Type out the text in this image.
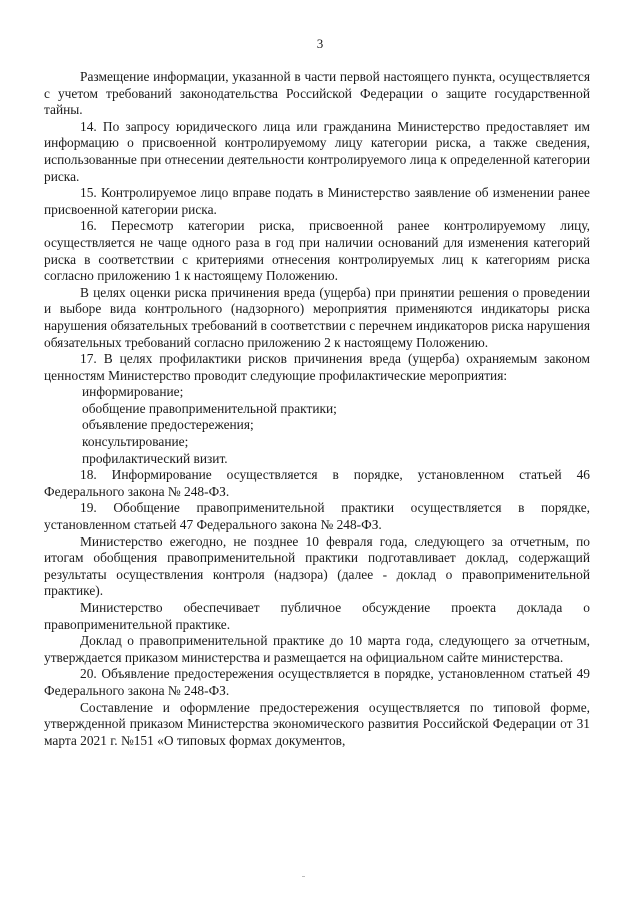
3

Размещение информации, указанной в части первой настоящего пункта, осуществляется с учетом требований законодательства Российской Федерации о защите государственной тайны.

14. По запросу юридического лица или гражданина Министерство предоставляет им информацию о присвоенной контролируемому лицу категории риска, а также сведения, использованные при отнесении деятельности контролируемого лица к определенной категории риска.

15. Контролируемое лицо вправе подать в Министерство заявление об изменении ранее присвоенной категории риска.

16. Пересмотр категории риска, присвоенной ранее контролируемому лицу, осуществляется не чаще одного раза в год при наличии оснований для изменения категорий риска в соответствии с критериями отнесения контролируемых лиц к категориям риска согласно приложению 1 к настоящему Положению.

В целях оценки риска причинения вреда (ущерба) при принятии решения о проведении и выборе вида контрольного (надзорного) мероприятия применяются индикаторы риска нарушения обязательных требований в соответствии с перечнем индикаторов риска нарушения обязательных требований согласно приложению 2 к настоящему Положению.

17. В целях профилактики рисков причинения вреда (ущерба) охраняемым законом ценностям Министерство проводит следующие профилактические мероприятия:

информирование;

обобщение правоприменительной практики;

объявление предостережения;

консультирование;

профилактический визит.

18. Информирование осуществляется в порядке, установленном статьей 46 Федерального закона № 248-ФЗ.

19. Обобщение правоприменительной практики осуществляется в порядке, установленном статьей 47 Федерального закона № 248-ФЗ.

Министерство ежегодно, не позднее 10 февраля года, следующего за отчетным, по итогам обобщения правоприменительной практики подготавливает доклад, содержащий результаты осуществления контроля (надзора) (далее - доклад о правоприменительной практике).

Министерство обеспечивает публичное обсуждение проекта доклада о правоприменительной практике.

Доклад о правоприменительной практике до 10 марта года, следующего за отчетным, утверждается приказом министерства и размещается на официальном сайте министерства.

20. Объявление предостережения осуществляется в порядке, установленном статьей 49 Федерального закона № 248-ФЗ.

Составление и оформление предостережения осуществляется по типовой форме, утвержденной приказом Министерства экономического развития Российской Федерации от 31 марта 2021 г. №151 «О типовых формах документов,
